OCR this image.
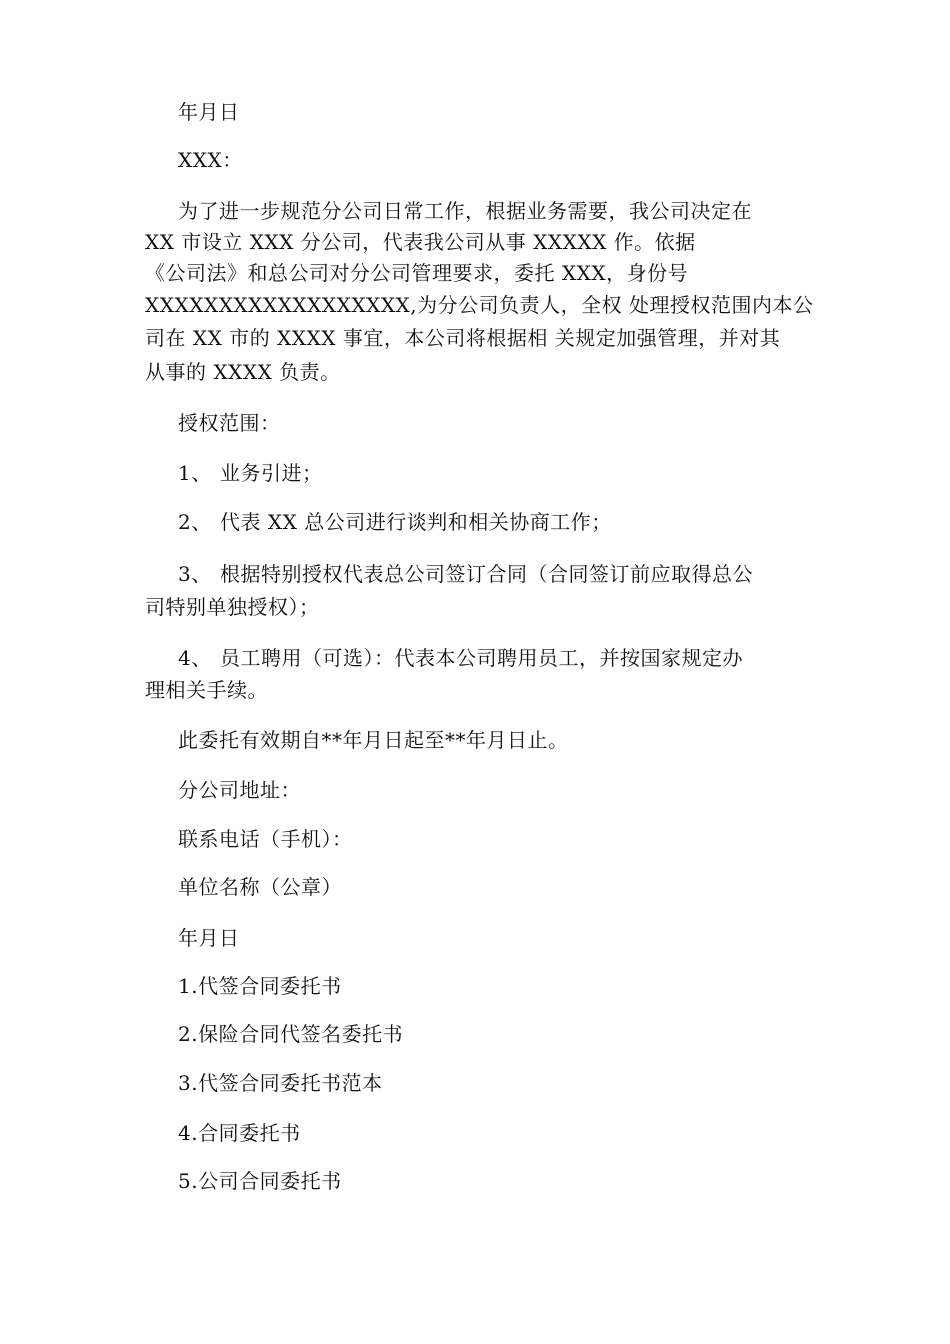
年月日
XXX：
为了进一步规范分公司日常工作，根据业务需要，我公司决定在
XX 市设立 XXX 分公司，代表我公司从事 XXXXX 作。依据
《公司法》和总公司对分公司管理要求，委托 XXX，身份号
XXXXXXXXXXXXXXXXXX,为分公司负责人，全权 处理授权范围内本公
司在 XX 市的 XXXX 事宜，本公司将根据相 关规定加强管理，并对其
从事的 XXXX 负责。
授权范围：
1、 业务引进；
2、 代表 XX 总公司进行谈判和相关协商工作；
3、 根据特别授权代表总公司签订合同（合同签订前应取得总公
司特别单独授权）；
4、 员工聘用（可选）：代表本公司聘用员工，并按国家规定办
理相关手续。
此委托有效期自**年月日起至**年月日止。
分公司地址：
联系电话（手机）：
单位名称（公章）
年月日
1.代签合同委托书
2.保险合同代签名委托书
3.代签合同委托书范本
4.合同委托书
5.公司合同委托书
